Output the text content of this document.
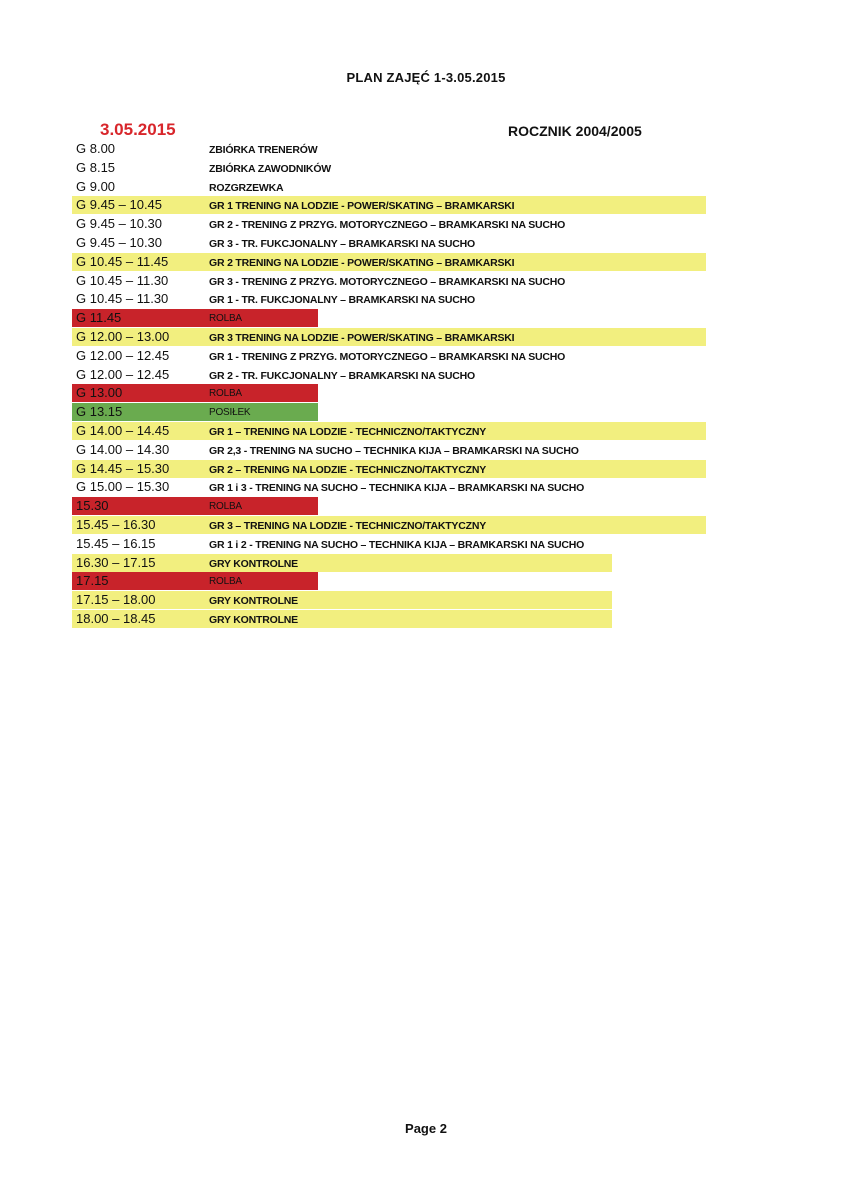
PLAN ZAJĘĆ 1-3.05.2015
3.05.2015	ROCZNIK 2004/2005
G 8.00	ZBIÓRKA TRENERÓW
G 8.15	ZBIÓRKA ZAWODNIKÓW
G 9.00	ROZGRZEWKA
G 9.45 – 10.45	GR 1 TRENING NA LODZIE - POWER/SKATING – BRAMKARSKI
G 9.45 – 10.30	GR 2 - TRENING Z PRZYG. MOTORYCZNEGO – BRAMKARSKI NA SUCHO
G 9.45 – 10.30	GR 3 - TR. FUKCJONALNY – BRAMKARSKI NA SUCHO
G 10.45 – 11.45	GR 2 TRENING NA LODZIE - POWER/SKATING – BRAMKARSKI
G 10.45 – 11.30	GR 3 - TRENING Z PRZYG. MOTORYCZNEGO – BRAMKARSKI NA SUCHO
G 10.45 – 11.30	GR 1 - TR. FUKCJONALNY – BRAMKARSKI NA SUCHO
G 11.45	ROLBA
G 12.00 – 13.00	GR 3 TRENING NA LODZIE - POWER/SKATING – BRAMKARSKI
G 12.00 – 12.45	GR 1 - TRENING Z PRZYG. MOTORYCZNEGO – BRAMKARSKI NA SUCHO
G 12.00 – 12.45	GR 2 - TR. FUKCJONALNY – BRAMKARSKI NA SUCHO
G 13.00	ROLBA
G 13.15	POSIŁEK
G 14.00 – 14.45	GR 1 – TRENING NA LODZIE - TECHNICZNO/TAKTYCZNY
G 14.00 – 14.30	GR 2,3 - TRENING NA SUCHO – TECHNIKA KIJA – BRAMKARSKI NA SUCHO
G 14.45 – 15.30	GR 2 – TRENING NA LODZIE - TECHNICZNO/TAKTYCZNY
G 15.00 – 15.30	GR 1 i 3 - TRENING NA SUCHO – TECHNIKA KIJA – BRAMKARSKI NA SUCHO
15.30	ROLBA
15.45 – 16.30	GR 3 – TRENING NA LODZIE - TECHNICZNO/TAKTYCZNY
15.45 – 16.15	GR 1 i 2 - TRENING NA SUCHO – TECHNIKA KIJA – BRAMKARSKI NA SUCHO
16.30 – 17.15	GRY KONTROLNE
17.15	ROLBA
17.15 – 18.00	GRY KONTROLNE
18.00 – 18.45	GRY KONTROLNE
Page 2
